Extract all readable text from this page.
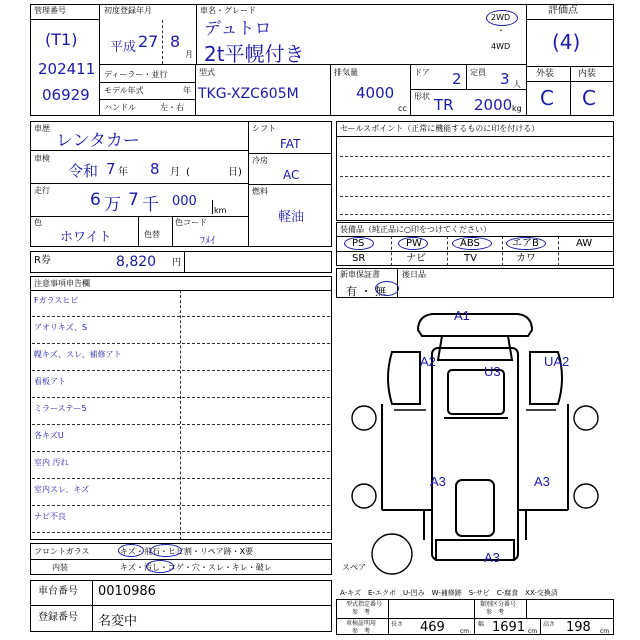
管理番号
(T1)
202411
06929
初度登録年月
平成 27 8
月
車名・グレード
デュトロ
2t平幌付き
2WD
・
4WD
評価点
(4)
外装	内装
C C
ディーラー・並行
モデル年式	年
ハンドル	左・右
型式
TKG-XZC605M
排気量
4000
cc
ドア 2 定員 3 人
形状 TR 2000 kg
車歴
レンタカー
車検
令和 7 年 8 月 (	日)
走行 6 万 7 千 000
km
色
ホワイト	色替
色コード
ﾌﾒｲ
シフト
FAT
冷房
AC
燃料
軽油
セールスポイント（正常に機能するものに印を付ける）
装備品（純正品に○印をつけてください）
PS	PW	ABS	エアB	AW
SR	ナビ	TV	カワ
新車保証書	後日品
有 ・ 無
R券	8,820 円
注意事項申告欄
Fガラスヒビ
アオリキズ、S
幌キズ、スレ、補修アト
看板アト
ミラーステー5
各キズU
室内 汚れ
室内スレ、キズ
ナビ不良
フロントガラス	キズ・飛石・ヒビ割・リペア跡・X要
内装	キズ・汚し・コゲ・穴・スレ・キレ・破レ
車台番号 0010986
登録番号 名変中
A1
A2
U3
UA2
A3	A3
A3
スペア
A-キズ　E-エクボ　U-凹み　W-補修跡　S-サビ　C-腐食　XX-交換済
型式指定番号
参　考
類別区分番号
参　考
車検証明用
参　考
長さ 469	cm
幅 1691 cm
高さ 198 cm
